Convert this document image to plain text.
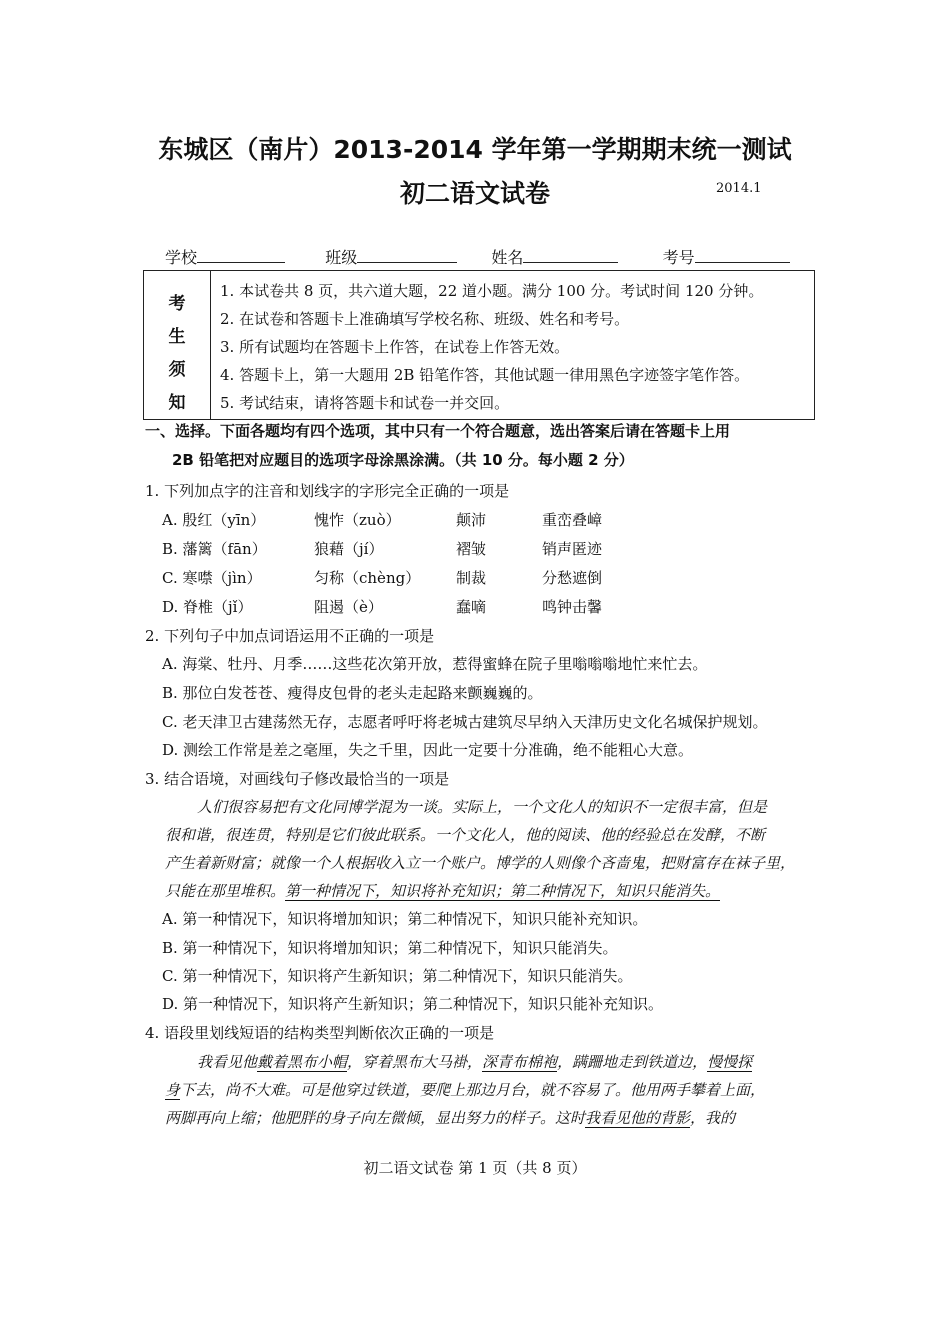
东城区（南片）2013-2014 学年第一学期期末统一测试
初二语文试卷	2014.1
学校	班级	姓名	考号
考
生
须
知
1. 本试卷共 8 页，共六道大题，22 道小题。满分 100 分。考试时间 120 分钟。
2. 在试卷和答题卡上准确填写学校名称、班级、姓名和考号。
3. 所有试题均在答题卡上作答，在试卷上作答无效。
4. 答题卡上，第一大题用 2B 铅笔作答，其他试题一律用黑色字迹签字笔作答。
5. 考试结束，请将答题卡和试卷一并交回。
一、选择。下面各题均有四个选项，其中只有一个符合题意，选出答案后请在答题卡上用
2B 铅笔把对应题目的选项字母涂黑涂满。（共 10 分。每小题 2 分）
1. 下列加点字的注音和划线字的字形完全正确的一项是
A. 殷红（yīn）	愧怍（zuò）	颠沛	重峦叠嶂
B. 藩篱（fān）	狼藉（jí）	褶皱	销声匿迹
C. 寒噤（jìn）	匀称（chèng） 制裁	分愁遮倒
D. 脊椎（jǐ）	阻遏（è）	蠢嘀	鸣钟击馨
2. 下列句子中加点词语运用不正确的一项是
A. 海棠、牡丹、月季……这些花次第开放，惹得蜜蜂在院子里嗡嗡嗡地忙来忙去。
B. 那位白发苍苍、瘦得皮包骨的老头走起路来颤巍巍的。
C. 老天津卫古建荡然无存，志愿者呼吁将老城古建筑尽早纳入天津历史文化名城保护规划。
D. 测绘工作常是差之毫厘，失之千里，因此一定要十分准确，绝不能粗心大意。
3. 结合语境，对画线句子修改最恰当的一项是
人们很容易把有文化同博学混为一谈。实际上，一个文化人的知识不一定很丰富，但是
很和谐，很连贯，特别是它们彼此联系。一个文化人，他的阅读、他的经验总在发酵，不断
产生着新财富；就像一个人根据收入立一个账户。博学的人则像个吝啬鬼，把财富存在袜子里，
只能在那里堆积。第一种情况下，知识将补充知识；第二种情况下，知识只能消失。
A. 第一种情况下，知识将增加知识；第二种情况下，知识只能补充知识。
B. 第一种情况下，知识将增加知识；第二种情况下，知识只能消失。
C. 第一种情况下，知识将产生新知识；第二种情况下，知识只能消失。
D. 第一种情况下，知识将产生新知识；第二种情况下，知识只能补充知识。
4. 语段里划线短语的结构类型判断依次正确的一项是
我看见他戴着黑布小帽，穿着黑布大马褂，深青布棉袍，蹒跚地走到铁道边，慢慢探
身下去，尚不大难。可是他穿过铁道，要爬上那边月台，就不容易了。他用两手攀着上面，
两脚再向上缩；他肥胖的身子向左微倾，显出努力的样子。这时我看见他的背影，我的
初二语文试卷 第 1 页（共 8 页）
